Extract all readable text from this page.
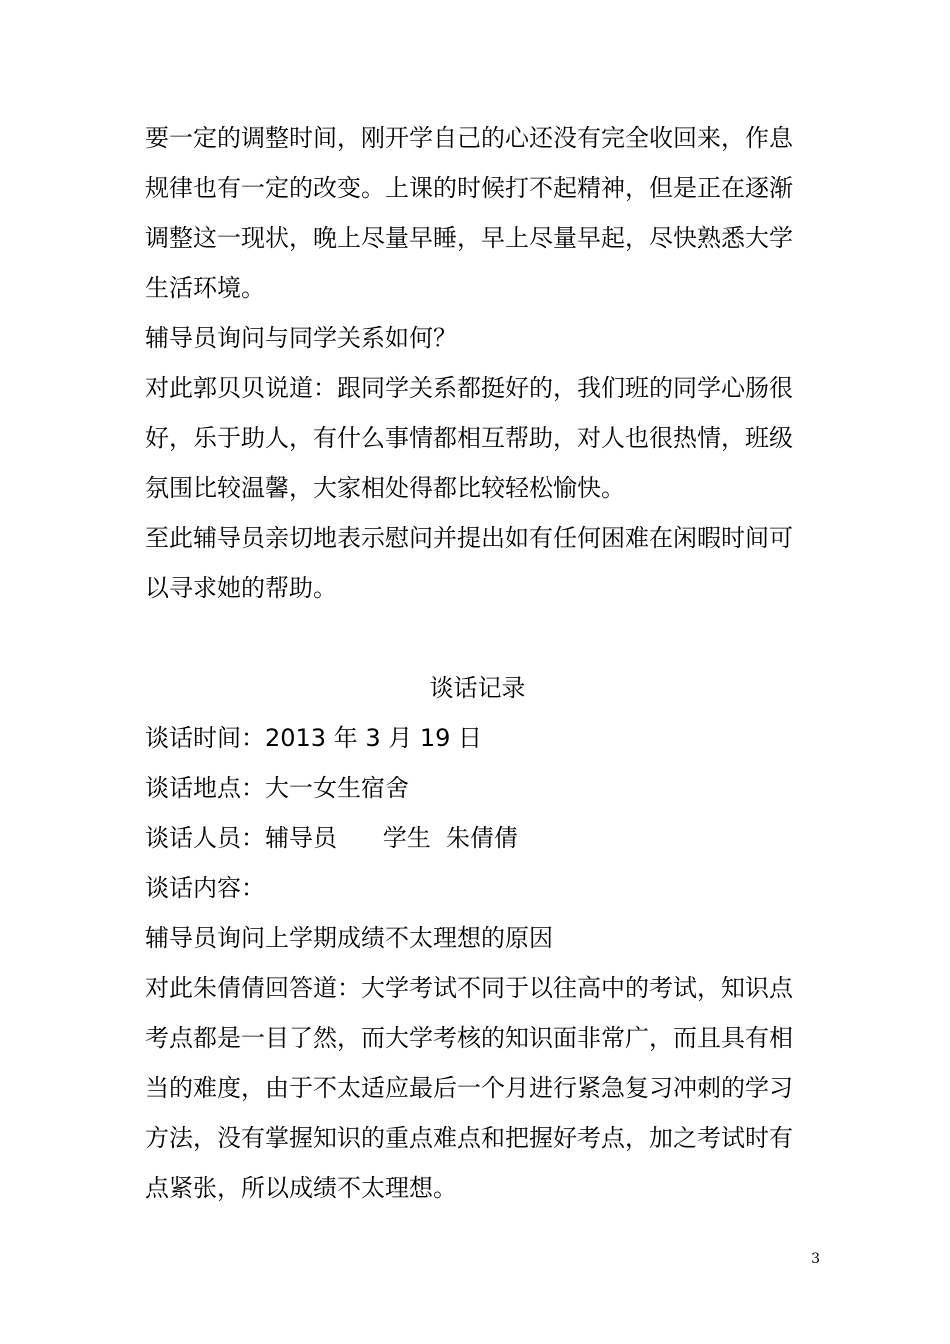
要一定的调整时间，刚开学自己的心还没有完全收回来，作息规律也有一定的改变。上课的时候打不起精神，但是正在逐渐调整这一现状，晚上尽量早睡，早上尽量早起，尽快熟悉大学生活环境。

辅导员询问与同学关系如何？

对此郭贝贝说道：跟同学关系都挺好的，我们班的同学心肠很好，乐于助人，有什么事情都相互帮助，对人也很热情，班级氛围比较温馨，大家相处得都比较轻松愉快。

至此辅导员亲切地表示慰问并提出如有任何困难在闲暇时间可以寻求她的帮助。

谈话记录

谈话时间：2013 年 3 月 19 日

谈话地点：大一女生宿舍

谈话人员：辅导员      学生  朱倩倩

谈话内容：

辅导员询问上学期成绩不太理想的原因

对此朱倩倩回答道：大学考试不同于以往高中的考试，知识点考点都是一目了然，而大学考核的知识面非常广，而且具有相当的难度，由于不太适应最后一个月进行紧急复习冲刺的学习方法，没有掌握知识的重点难点和把握好考点，加之考试时有点紧张，所以成绩不太理想。

3
